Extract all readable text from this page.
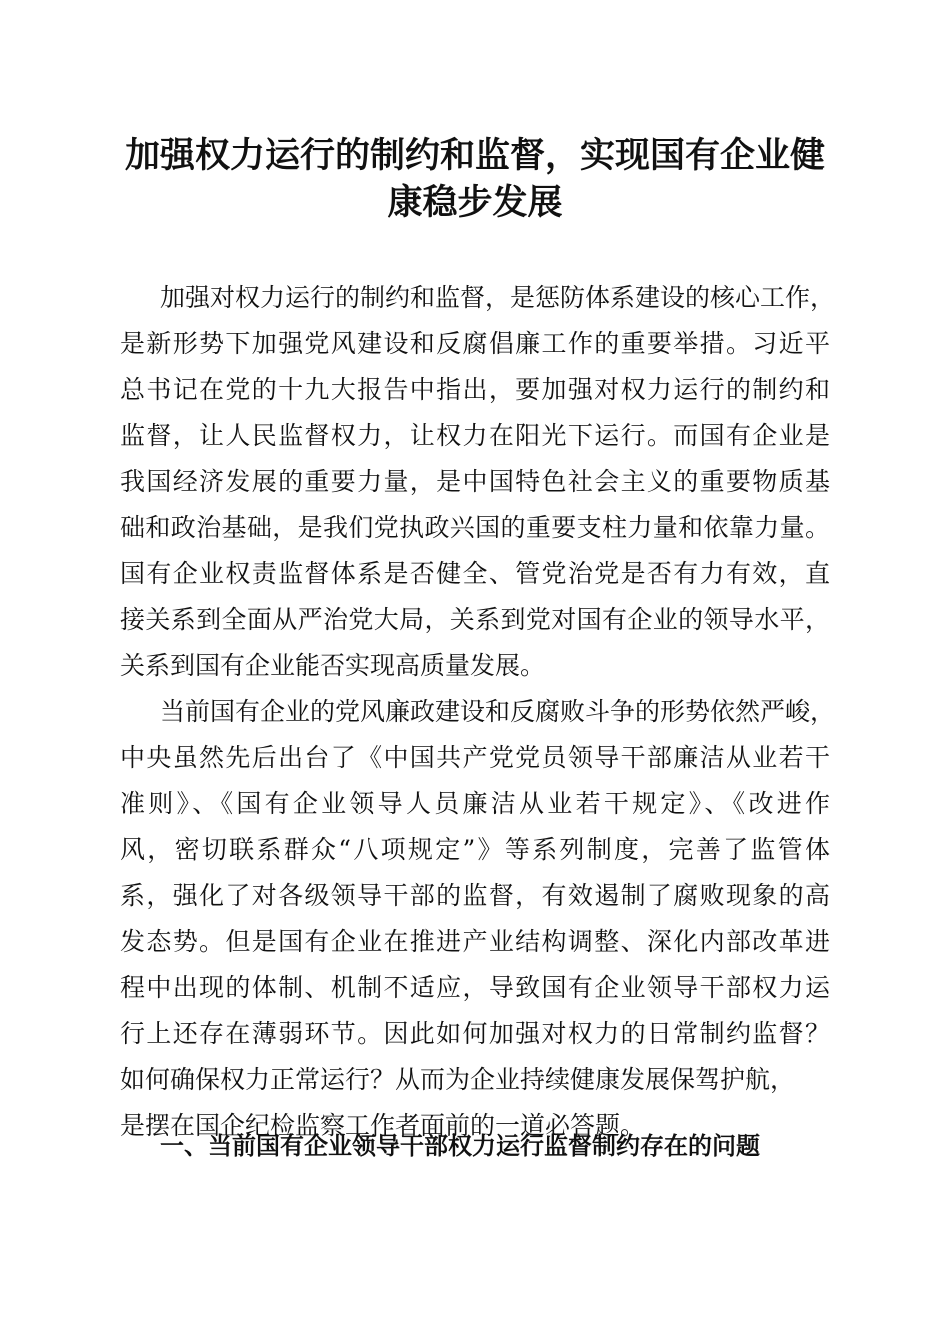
加强权力运行的制约和监督，实现国有企业健
康稳步发展
加强对权力运行的制约和监督，是惩防体系建设的核心工作，
是新形势下加强党风建设和反腐倡廉工作的重要举措。习近平
总书记在党的十九大报告中指出，要加强对权力运行的制约和
监督，让人民监督权力，让权力在阳光下运行。而国有企业是
我国经济发展的重要力量，是中国特色社会主义的重要物质基
础和政治基础，是我们党执政兴国的重要支柱力量和依靠力量。
国有企业权责监督体系是否健全、管党治党是否有力有效，直
接关系到全面从严治党大局，关系到党对国有企业的领导水平，
关系到国有企业能否实现高质量发展。
当前国有企业的党风廉政建设和反腐败斗争的形势依然严峻，
中央虽然先后出台了《中国共产党党员领导干部廉洁从业若干
准则》、《国有企业领导人员廉洁从业若干规定》、《改进作
风，密切联系群众“八项规定”》等系列制度，完善了监管体
系，强化了对各级领导干部的监督，有效遏制了腐败现象的高
发态势。但是国有企业在推进产业结构调整、深化内部改革进
程中出现的体制、机制不适应，导致国有企业领导干部权力运
行上还存在薄弱环节。因此如何加强对权力的日常制约监督？
如何确保权力正常运行？从而为企业持续健康发展保驾护航，
是摆在国企纪检监察工作者面前的一道必答题。
一、当前国有企业领导干部权力运行监督制约存在的问题
